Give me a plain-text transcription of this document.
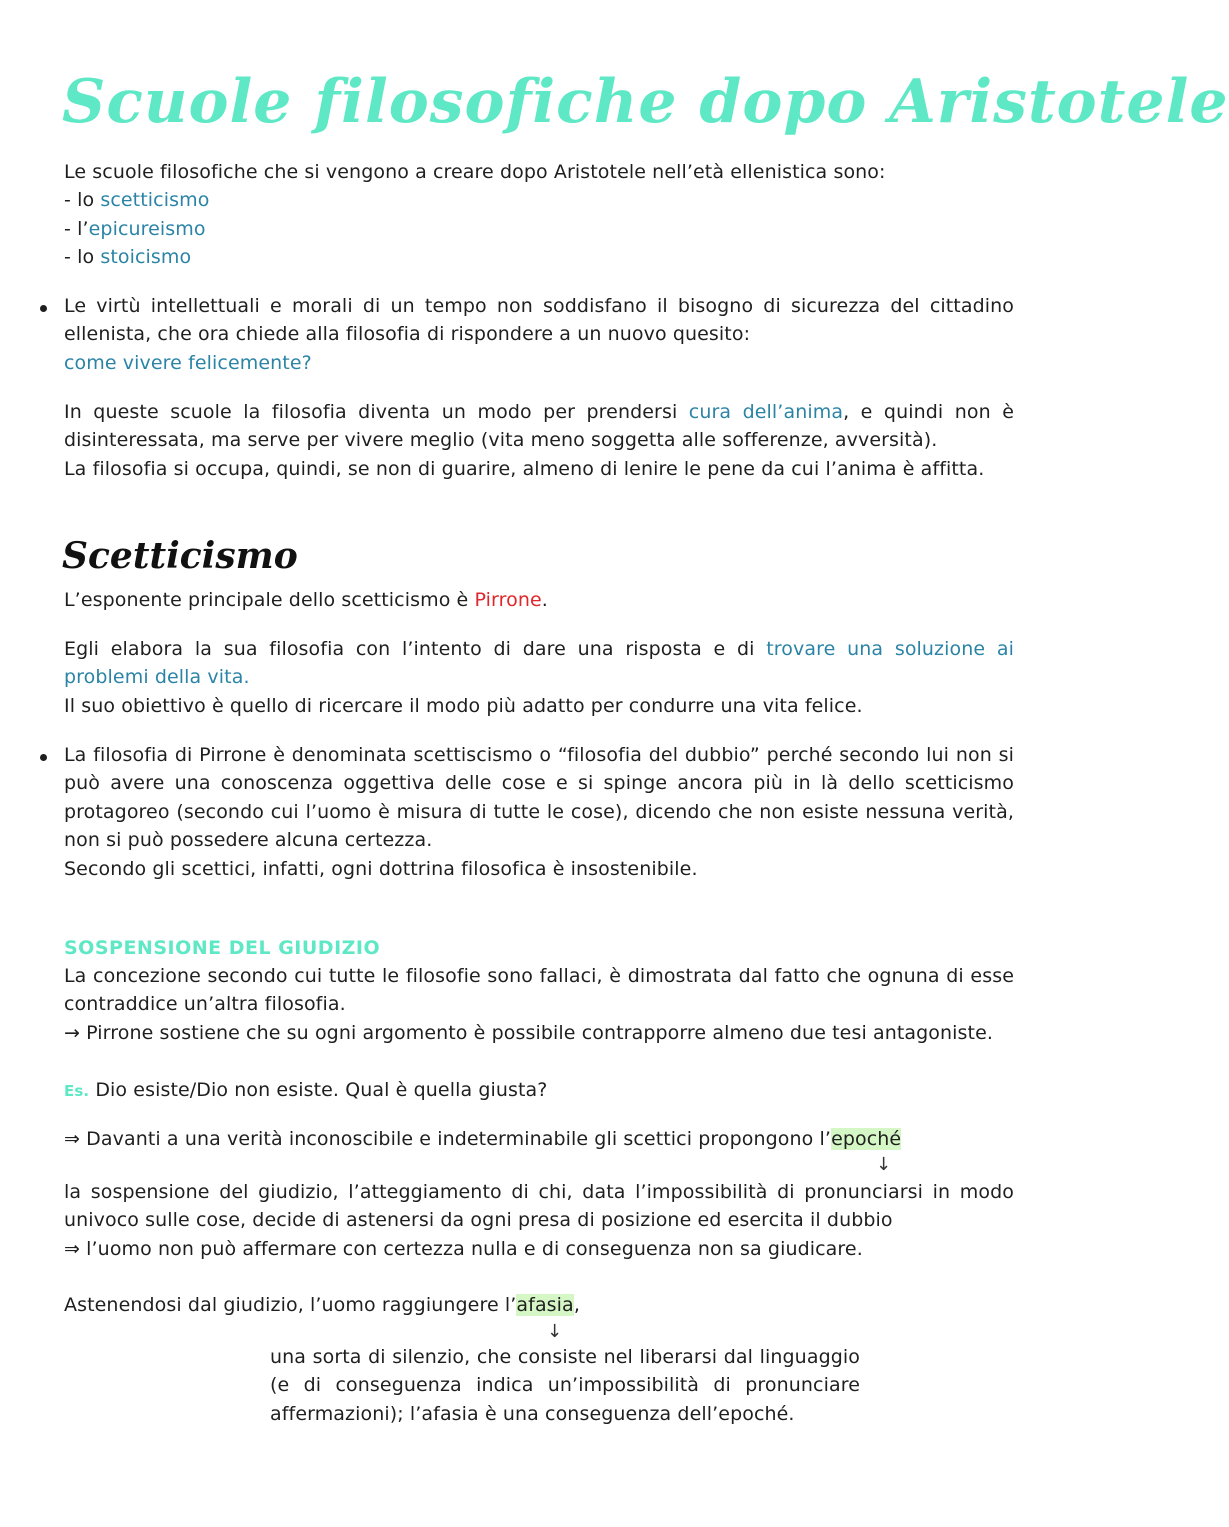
Scuole filosofiche dopo Aristotele
Le scuole filosofiche che si vengono a creare dopo Aristotele nell’età ellenistica sono:
- lo scetticismo
- l’epicureismo
- lo stoicismo
Le virtù intellettuali e morali di un tempo non soddisfano il bisogno di sicurezza del cittadino ellenista, che ora chiede alla filosofia di rispondere a un nuovo quesito:
come vivere felicemente?
In queste scuole la filosofia diventa un modo per prendersi cura dell’anima, e quindi non è disinteressata, ma serve per vivere meglio (vita meno soggetta alle sofferenze, avversità).
La filosofia si occupa, quindi, se non di guarire, almeno di lenire le pene da cui l’anima è affitta.
Scetticismo
L’esponente principale dello scetticismo è Pirrone.
Egli elabora la sua filosofia con l’intento di dare una risposta e di trovare una soluzione ai problemi della vita.
Il suo obiettivo è quello di ricercare il modo più adatto per condurre una vita felice.
La filosofia di Pirrone è denominata scettiscismo o “filosofia del dubbio” perché secondo lui non si può avere una conoscenza oggettiva delle cose e si spinge ancora più in là dello scetticismo protagoreo (secondo cui l’uomo è misura di tutte le cose), dicendo che non esiste nessuna verità, non si può possedere alcuna certezza.
Secondo gli scettici, infatti, ogni dottrina filosofica è insostenibile.
SOSPENSIONE DEL GIUDIZIO
La concezione secondo cui tutte le filosofie sono fallaci, è dimostrata dal fatto che ognuna di esse contraddice un’altra filosofia.
→ Pirrone sostiene che su ogni argomento è possibile contrapporre almeno due tesi antagoniste.
Es. Dio esiste/Dio non esiste. Qual è quella giusta?
⇒ Davanti a una verità inconoscibile e indeterminabile gli scettici propongono l’epoché
↓
la sospensione del giudizio, l’atteggiamento di chi, data l’impossibilità di pronunciarsi in modo univoco sulle cose, decide di astenersi da ogni presa di posizione ed esercita il dubbio
⇒ l’uomo non può affermare con certezza nulla e di conseguenza non sa giudicare.
Astenendosi dal giudizio, l’uomo raggiungere l’afasia,
↓
una sorta di silenzio, che consiste nel liberarsi dal linguaggio (e di conseguenza indica un’impossibilità di pronunciare affermazioni); l’afasia è una conseguenza dell’epoché.
